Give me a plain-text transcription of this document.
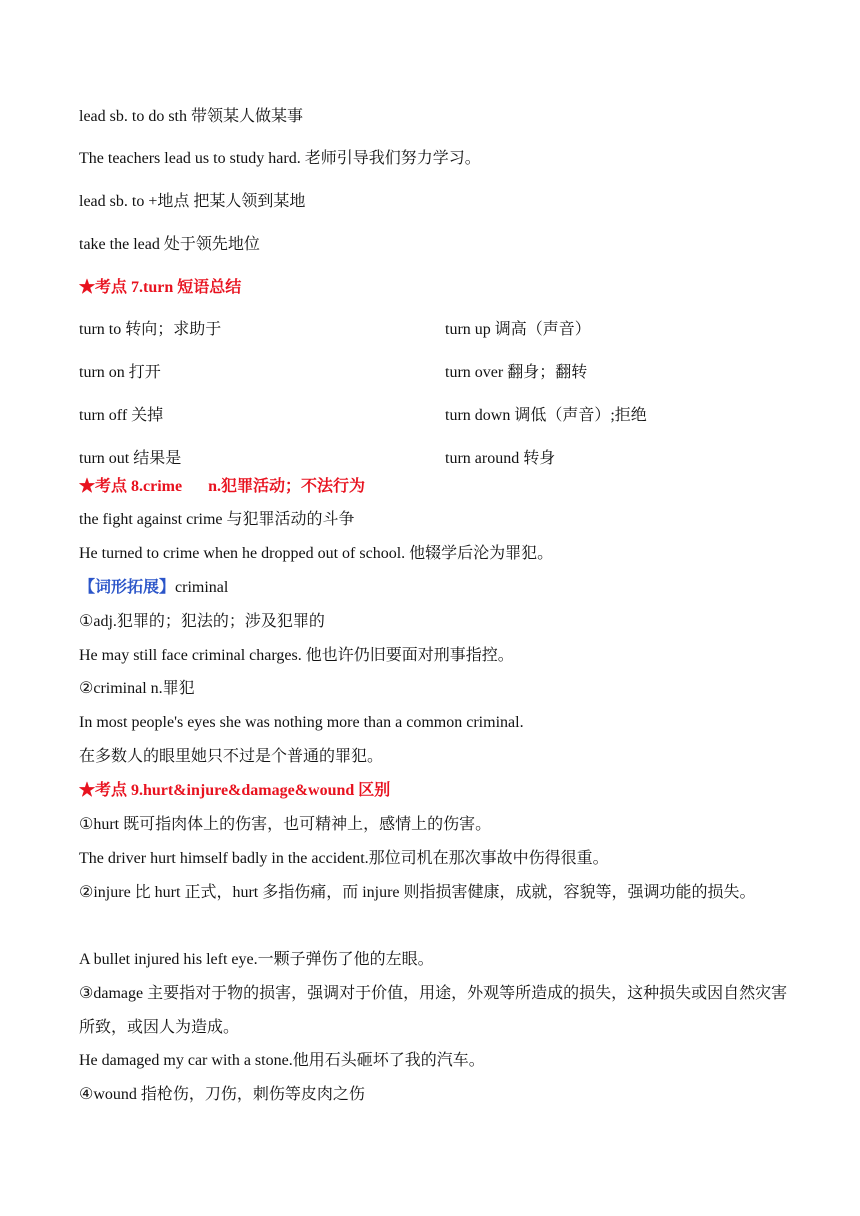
lead sb. to do sth 带领某人做某事
The teachers lead us to study hard. 老师引导我们努力学习。
lead sb. to +地点 把某人领到某地
take the lead 处于领先地位
★考点 7.turn 短语总结
turn to 转向；求助于	turn up 调高（声音）
turn on 打开	turn over 翻身；翻转
turn off 关掉	turn down 调低（声音）;拒绝
turn out 结果是	turn around 转身
★考点 8.crime n.犯罪活动；不法行为
the fight against crime 与犯罪活动的斗争
He turned to crime when he dropped out of school. 他辍学后沦为罪犯。
【词形拓展】criminal
①adj.犯罪的；犯法的；涉及犯罪的
He may still face criminal charges. 他也许仍旧要面对刑事指控。
②criminal n.罪犯
In most people's eyes she was nothing more than a common criminal.
在多数人的眼里她只不过是个普通的罪犯。
★考点 9.hurt&injure&damage&wound 区别
①hurt 既可指肉体上的伤害，也可精神上，感情上的伤害。
The driver hurt himself badly in the accident.那位司机在那次事故中伤得很重。
②injure 比 hurt 正式，hurt 多指伤痛，而 injure 则指损害健康，成就，容貌等，强调功能的损失。
A bullet injured his left eye.一颗子弹伤了他的左眼。
③damage 主要指对于物的损害，强调对于价值，用途，外观等所造成的损失，这种损失或因自然灾害所致，或因人为造成。
He damaged my car with a stone.他用石头砸坏了我的汽车。
④wound 指枪伤，刀伤，刺伤等皮肉之伤
